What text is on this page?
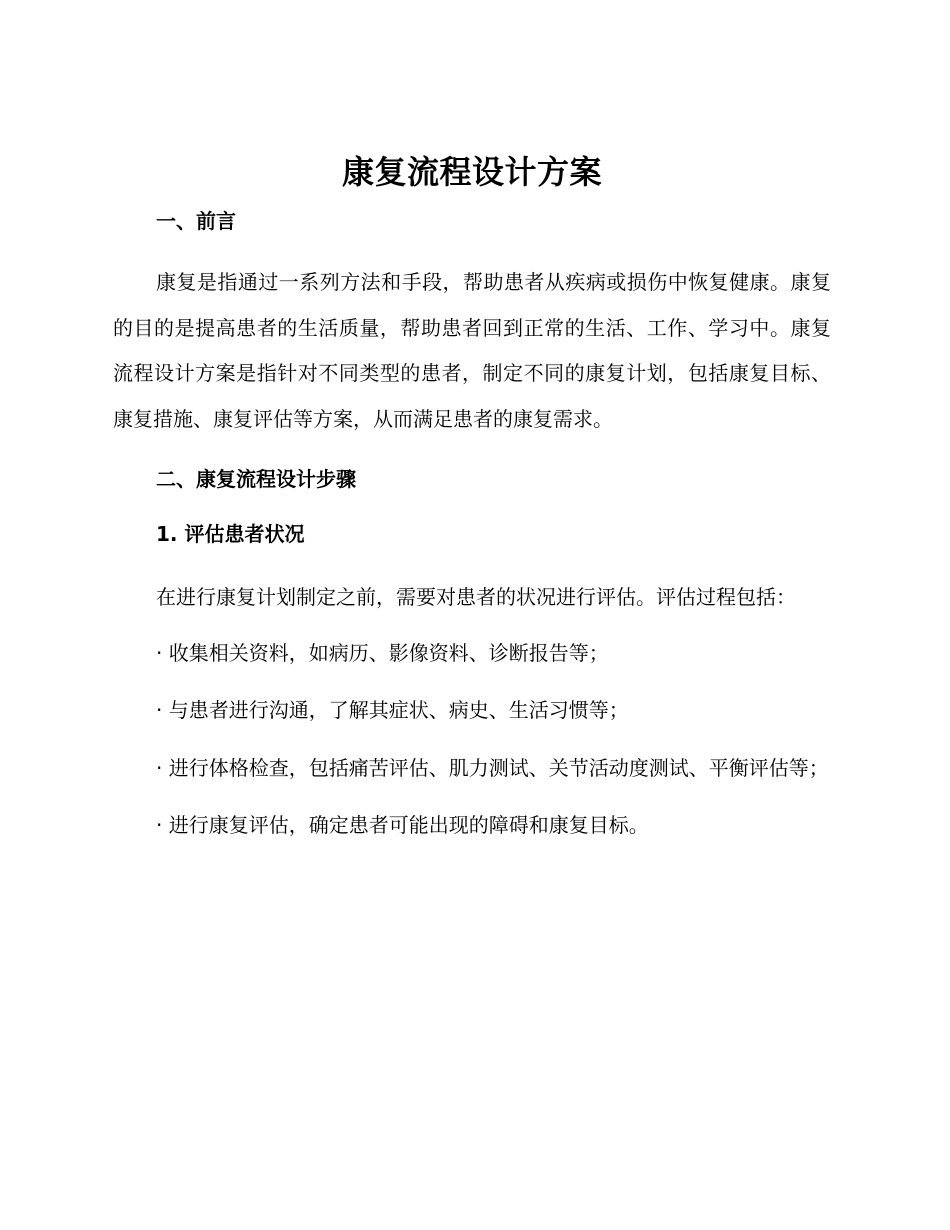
康复流程设计方案
一、前言

康复是指通过一系列方法和手段，帮助患者从疾病或损伤中恢复健康。康复的目的是提高患者的生活质量，帮助患者回到正常的生活、工作、学习中。康复流程设计方案是指针对不同类型的患者，制定不同的康复计划，包括康复目标、康复措施、康复评估等方案，从而满足患者的康复需求。

二、康复流程设计步骤
1. 评估患者状况

在进行康复计划制定之前，需要对患者的状况进行评估。评估过程包括：

· 收集相关资料，如病历、影像资料、诊断报告等；

· 与患者进行沟通，了解其症状、病史、生活习惯等；

· 进行体格检查，包括痛苦评估、肌力测试、关节活动度测试、平衡评估等；

· 进行康复评估，确定患者可能出现的障碍和康复目标。
